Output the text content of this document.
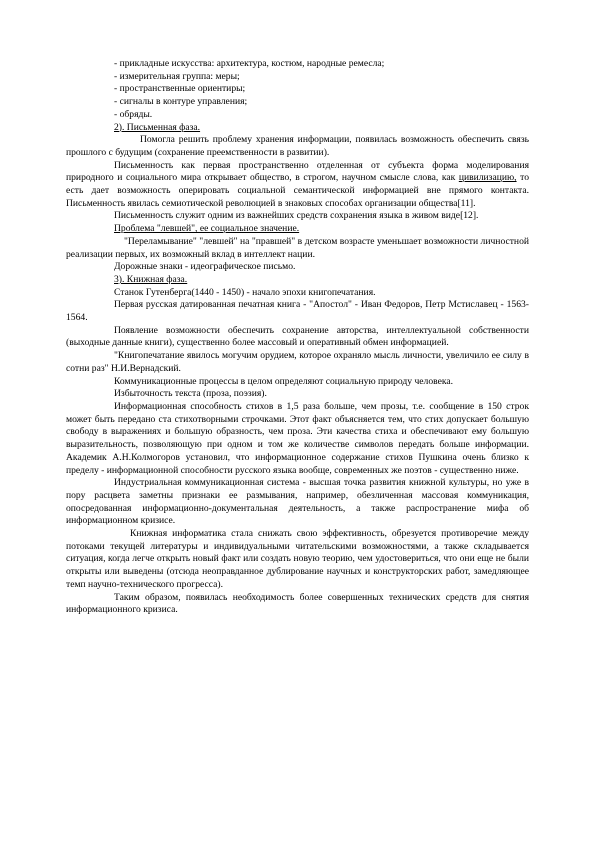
- прикладные искусства: архитектура, костюм, народные ремесла;

- измерительная группа: меры;

- пространственные ориентиры;

- сигналы в контуре управления;

- обряды.

2). Письменная фаза.

Помогла решить проблему хранения информации, появилась возможность обеспечить связь прошлого с будущим (сохранение преемственности в развитии).

Письменность как первая пространственно отделенная от субъекта форма моделирования природного и социального мира открывает общество, в строгом, научном смысле слова, как цивилизацию, то есть дает возможность оперировать социальной семантической информацией вне прямого контакта. Письменность явилась семиотической революцией в знаковых способах организации общества[11].

Письменность служит одним из важнейших средств сохранения языка в живом виде[12].

Проблема "левшей", ее социальное значение.

"Переламывание" "левшей" на "правшей" в детском возрасте уменьшает возможности личностной реализации первых, их возможный вклад в интеллект нации.

Дорожные знаки - идеографическое письмо.

3). Книжная фаза.

Станок Гутенберга(1440 - 1450) - начало эпохи книгопечатания.

Первая русская датированная печатная книга - "Апостол" - Иван Федоров, Петр Мстиславец - 1563-1564.

Появление возможности обеспечить сохранение авторства, интеллектуальной собственности (выходные данные книги), существенно более массовый и оперативный обмен информацией.

"Книгопечатание явилось могучим орудием, которое охраняло мысль личности, увеличило ее силу в сотни раз" Н.И.Вернадский.

Коммуникационные процессы в целом определяют социальную природу человека.

Избыточность текста (проза, поэзия).

Информационная способность стихов в 1,5 раза больше, чем прозы, т.е. сообщение в 150 строк может быть передано ста стихотворными строчками. Этот факт объясняется тем, что стих допускает большую свободу в выражениях и большую образность, чем проза. Эти качества стиха и обеспечивают ему большую выразительность, позволяющую при одном и том же количестве символов передать больше информации. Академик А.Н.Колмогоров установил, что информационное содержание стихов Пушкина очень близко к пределу - информационной способности русского языка вообще, современных же поэтов - существенно ниже.

Индустриальная коммуникационная система - высшая точка развития книжной культуры, но уже в пору расцвета заметны признаки ее размывания, например, обезличенная массовая коммуникация, опосредованная информационно-документальная деятельность, а также распространение мифа об информационном кризисе.

Книжная информатика стала снижать свою эффективность, обрезуется противоречие между потоками текущей литературы и индивидуальными читательскими возможностями, а также складывается ситуация, когда легче открыть новый факт или создать новую теорию, чем удостовериться, что они еще не были открыты или выведены (отсюда неоправданное дублирование научных и конструкторских работ, замедляющее темп научно-технического прогресса).

Таким образом, появилась необходимость более совершенных технических средств для снятия информационного кризиса.
